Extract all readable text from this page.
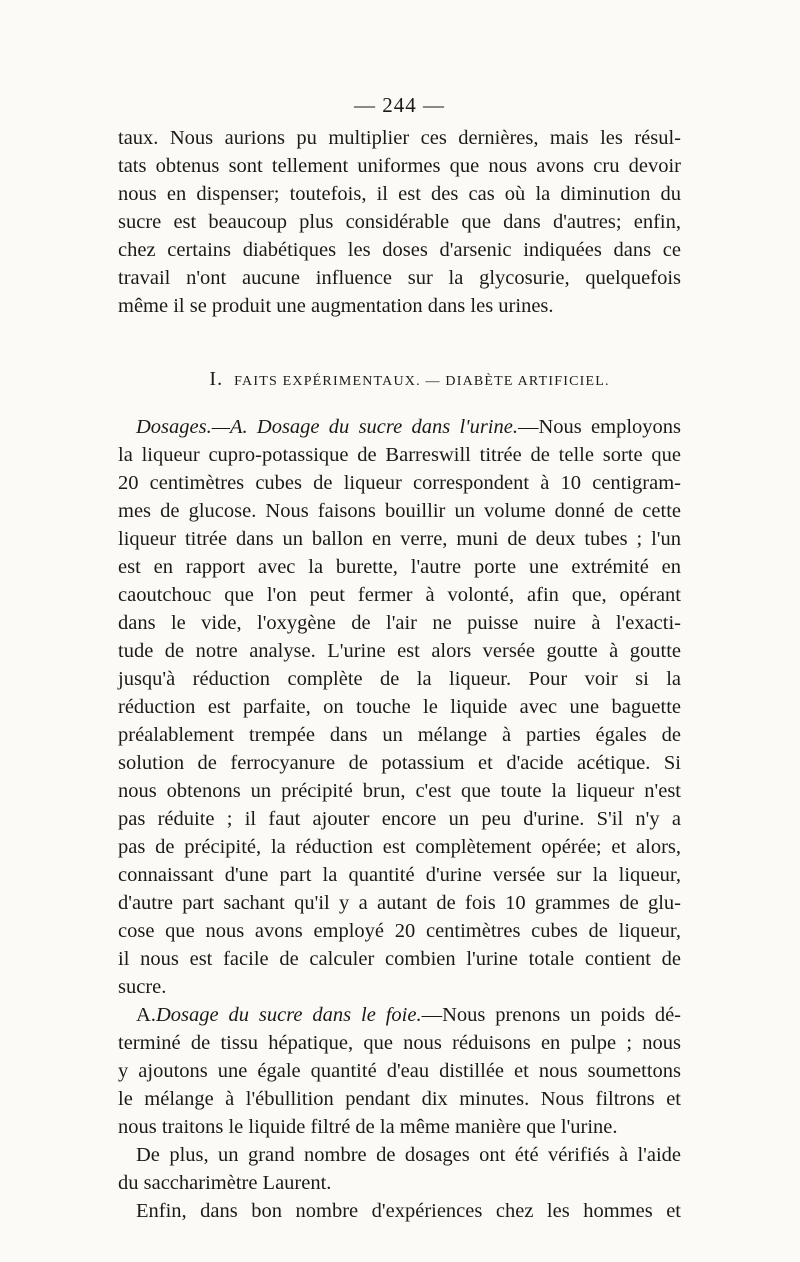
— 244 —
taux. Nous aurions pu multiplier ces dernières, mais les résul-
tats obtenus sont tellement uniformes que nous avons cru devoir
nous en dispenser; toutefois, il est des cas où la diminution du
sucre est beaucoup plus considérable que dans d'autres; enfin,
chez certains diabétiques les doses d'arsenic indiquées dans ce
travail n'ont aucune influence sur la glycosurie, quelquefois
même il se produit une augmentation dans les urines.
I. FAITS EXPÉRIMENTAUX. — DIABÈTE ARTIFICIEL.
Dosages.—A. Dosage du sucre dans l'urine.—Nous employons
la liqueur cupro-potassique de Barreswill titrée de telle sorte que
20 centimètres cubes de liqueur correspondent à 10 centigram-
mes de glucose. Nous faisons bouillir un volume donné de cette
liqueur titrée dans un ballon en verre, muni de deux tubes ; l'un
est en rapport avec la burette, l'autre porte une extrémité en
caoutchouc que l'on peut fermer à volonté, afin que, opérant
dans le vide, l'oxygène de l'air ne puisse nuire à l'exacti-
tude de notre analyse. L'urine est alors versée goutte à goutte
jusqu'à réduction complète de la liqueur. Pour voir si la
réduction est parfaite, on touche le liquide avec une baguette
préalablement trempée dans un mélange à parties égales de
solution de ferrocyanure de potassium et d'acide acétique. Si
nous obtenons un précipité brun, c'est que toute la liqueur n'est
pas réduite ; il faut ajouter encore un peu d'urine. S'il n'y a
pas de précipité, la réduction est complètement opérée; et alors,
connaissant d'une part la quantité d'urine versée sur la liqueur,
d'autre part sachant qu'il y a autant de fois 10 grammes de glu-
cose que nous avons employé 20 centimètres cubes de liqueur,
il nous est facile de calculer combien l'urine totale contient de
sucre.
A.Dosage du sucre dans le foie.—Nous prenons un poids dé-
terminé de tissu hépatique, que nous réduisons en pulpe ; nous
y ajoutons une égale quantité d'eau distillée et nous soumettons
le mélange à l'ébullition pendant dix minutes. Nous filtrons et
nous traitons le liquide filtré de la même manière que l'urine.
De plus, un grand nombre de dosages ont été vérifiés à l'aide
du saccharimètre Laurent.
Enfin, dans bon nombre d'expériences chez les hommes et
